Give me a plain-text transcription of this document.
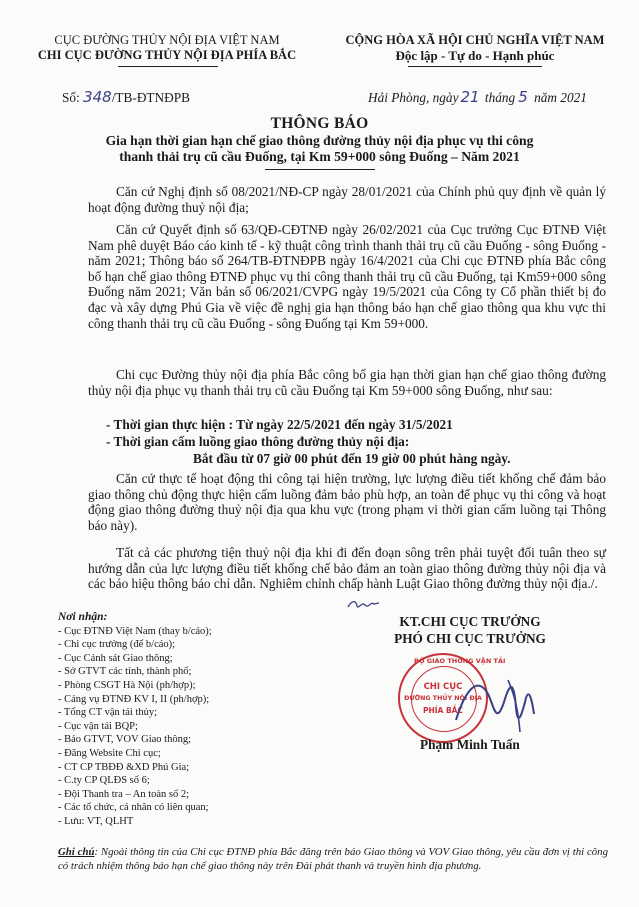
CỤC ĐƯỜNG THỦY NỘI ĐỊA VIỆT NAM
CHI CỤC ĐƯỜNG THỦY NỘI ĐỊA PHÍA BẮC
CỘNG HÒA XÃ HỘI CHỦ NGHĨA VIỆT NAM
Độc lập - Tự do - Hạnh phúc
Số: 348/TB-ĐTNĐPB	Hải Phòng, ngày 21 tháng 5 năm 2021
THÔNG BÁO
Gia hạn thời gian hạn chế giao thông đường thủy nội địa phục vụ thi công
thanh thải trụ cũ cầu Đuống, tại Km 59+000 sông Đuống – Năm 2021
Căn cứ Nghị định số 08/2021/NĐ-CP ngày 28/01/2021 của Chính phủ quy định về quản lý hoạt động đường thuỷ nội địa;
Căn cứ Quyết định số 63/QĐ-CĐTNĐ ngày 26/02/2021 của Cục trưởng Cục ĐTNĐ Việt Nam phê duyệt Báo cáo kinh tế - kỹ thuật công trình thanh thải trụ cũ cầu Đuống - sông Đuống - năm 2021; Thông báo số 264/TB-ĐTNĐPB ngày 16/4/2021 của Chi cục ĐTNĐ phía Bắc công bố hạn chế giao thông ĐTNĐ phục vụ thi công thanh thải trụ cũ cầu Đuống, tại Km59+000 sông Đuống năm 2021; Văn bản số 06/2021/CVPG ngày 19/5/2021 của Công ty Cổ phần thiết bị đo đạc và xây dựng Phú Gia về việc đề nghị gia hạn thông báo hạn chế giao thông qua khu vực thi công thanh thải trụ cũ cầu Đuống - sông Đuống tại Km 59+000.
Chi cục Đường thủy nội địa phía Bắc công bố gia hạn thời gian hạn chế giao thông đường thủy nội địa phục vụ thanh thải trụ cũ cầu Đuống tại Km 59+000 sông Đuống, như sau:
- Thời gian thực hiện : Từ ngày 22/5/2021 đến ngày 31/5/2021
- Thời gian cấm luồng giao thông đường thủy nội địa:
Bắt đầu từ 07 giờ 00 phút đến 19 giờ 00 phút hàng ngày.
Căn cứ thực tế hoạt động thi công tại hiện trường, lực lượng điều tiết khống chế đảm bảo giao thông chủ động thực hiện cấm luồng đảm bảo phù hợp, an toàn để phục vụ thi công và hoạt động giao thông đường thuỷ nội địa qua khu vực (trong phạm vi thời gian cấm luồng tại Thông báo này).
Tất cả các phương tiện thuỷ nội địa khi đi đến đoạn sông trên phải tuyệt đối tuân theo sự hướng dẫn của lực lượng điều tiết khống chế bảo đảm an toàn giao thông đường thủy nội địa và các báo hiệu thông báo chỉ dẫn. Nghiêm chỉnh chấp hành Luật Giao thông đường thủy nội địa./.
Nơi nhận:
- Cục ĐTNĐ Việt Nam (thay b/cáo);
- Chi cục trưởng (để b/cáo);
- Cục Cảnh sát Giao thông;
- Sở GTVT các tỉnh, thành phố;
- Phòng CSGT Hà Nội (ph/hợp);
- Cảng vụ ĐTNĐ KV I, II (ph/hợp);
- Tổng CT vận tải thủy;
- Cục vận tải BQP;
- Báo GTVT, VOV Giao thông;
- Đăng Website Chi cục;
- CT CP TBĐĐ &XD Phú Gia;
- C.ty CP QLĐS số 6;
- Đội Thanh tra – An toàn số 2;
- Các tổ chức, cá nhân có liên quan;
- Lưu: VT, QLHT
KT.CHI CỤC TRƯỞNG
PHÓ CHI CỤC TRƯỞNG
BỘ GIAO THÔNG VẬN TẢI
CHI CỤC
ĐƯỜNG THỦY NỘI ĐỊA
PHÍA BẮC
Phạm Minh Tuấn
Ghi chú: Ngoài thông tin của Chi cục ĐTNĐ phía Bắc đăng trên báo Giao thông và VOV Giao thông, yêu cầu đơn vị thi công có trách nhiệm thông báo hạn chế giao thông này trên Đài phát thanh và truyền hình địa phương.
